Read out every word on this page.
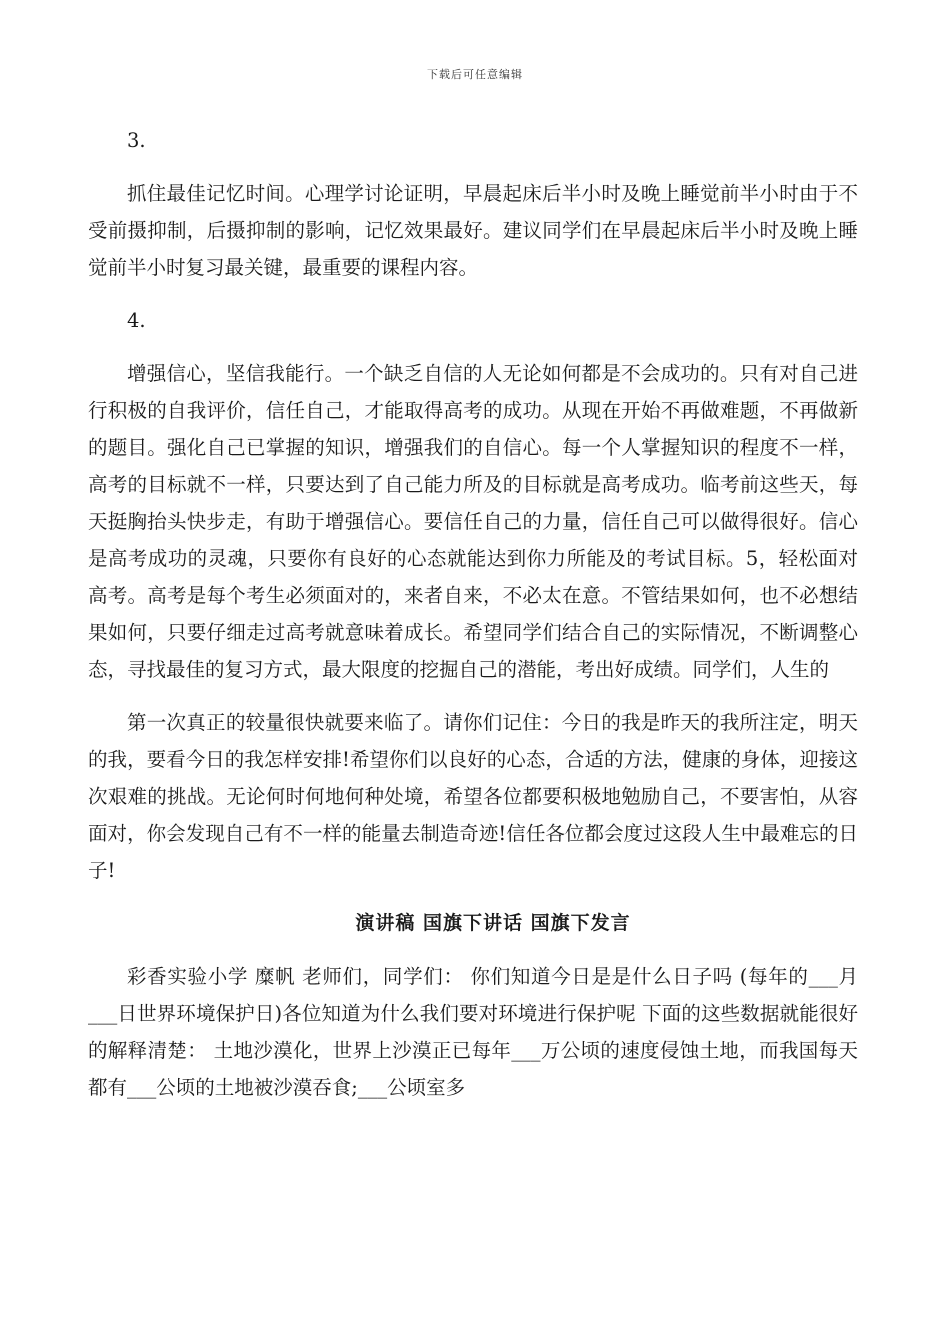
下载后可任意编辑

3.

抓住最佳记忆时间。心理学讨论证明，早晨起床后半小时及晚上睡觉前半小时由于不受前摄抑制，后摄抑制的影响，记忆效果最好。建议同学们在早晨起床后半小时及晚上睡觉前半小时复习最关键，最重要的课程内容。

4.

增强信心，坚信我能行。一个缺乏自信的人无论如何都是不会成功的。只有对自己进行积极的自我评价，信任自己，才能取得高考的成功。从现在开始不再做难题，不再做新的题目。强化自己已掌握的知识，增强我们的自信心。每一个人掌握知识的程度不一样，高考的目标就不一样，只要达到了自己能力所及的目标就是高考成功。临考前这些天，每天挺胸抬头快步走，有助于增强信心。要信任自己的力量，信任自己可以做得很好。信心是高考成功的灵魂，只要你有良好的心态就能达到你力所能及的考试目标。5，轻松面对高考。高考是每个考生必须面对的，来者自来，不必太在意。不管结果如何，也不必想结果如何，只要仔细走过高考就意味着成长。希望同学们结合自己的实际情况，不断调整心态，寻找最佳的复习方式，最大限度的挖掘自己的潜能，考出好成绩。同学们，人生的

第一次真正的较量很快就要来临了。请你们记住：今日的我是昨天的我所注定，明天的我，要看今日的我怎样安排!希望你们以良好的心态，合适的方法，健康的身体，迎接这次艰难的挑战。无论何时何地何种处境，希望各位都要积极地勉励自己，不要害怕，从容面对，你会发现自己有不一样的能量去制造奇迹!信任各位都会度过这段人生中最难忘的日子!

演讲稿 国旗下讲话 国旗下发言

彩香实验小学 糜帆 老师们，同学们： 你们知道今日是是什么日子吗 (每年的___月___日世界环境保护日)各位知道为什么我们要对环境进行保护呢 下面的这些数据就能很好的解释清楚： 土地沙漠化，世界上沙漠正已每年___万公顷的速度侵蚀土地，而我国每天都有___公顷的土地被沙漠吞食;___公顷室多
